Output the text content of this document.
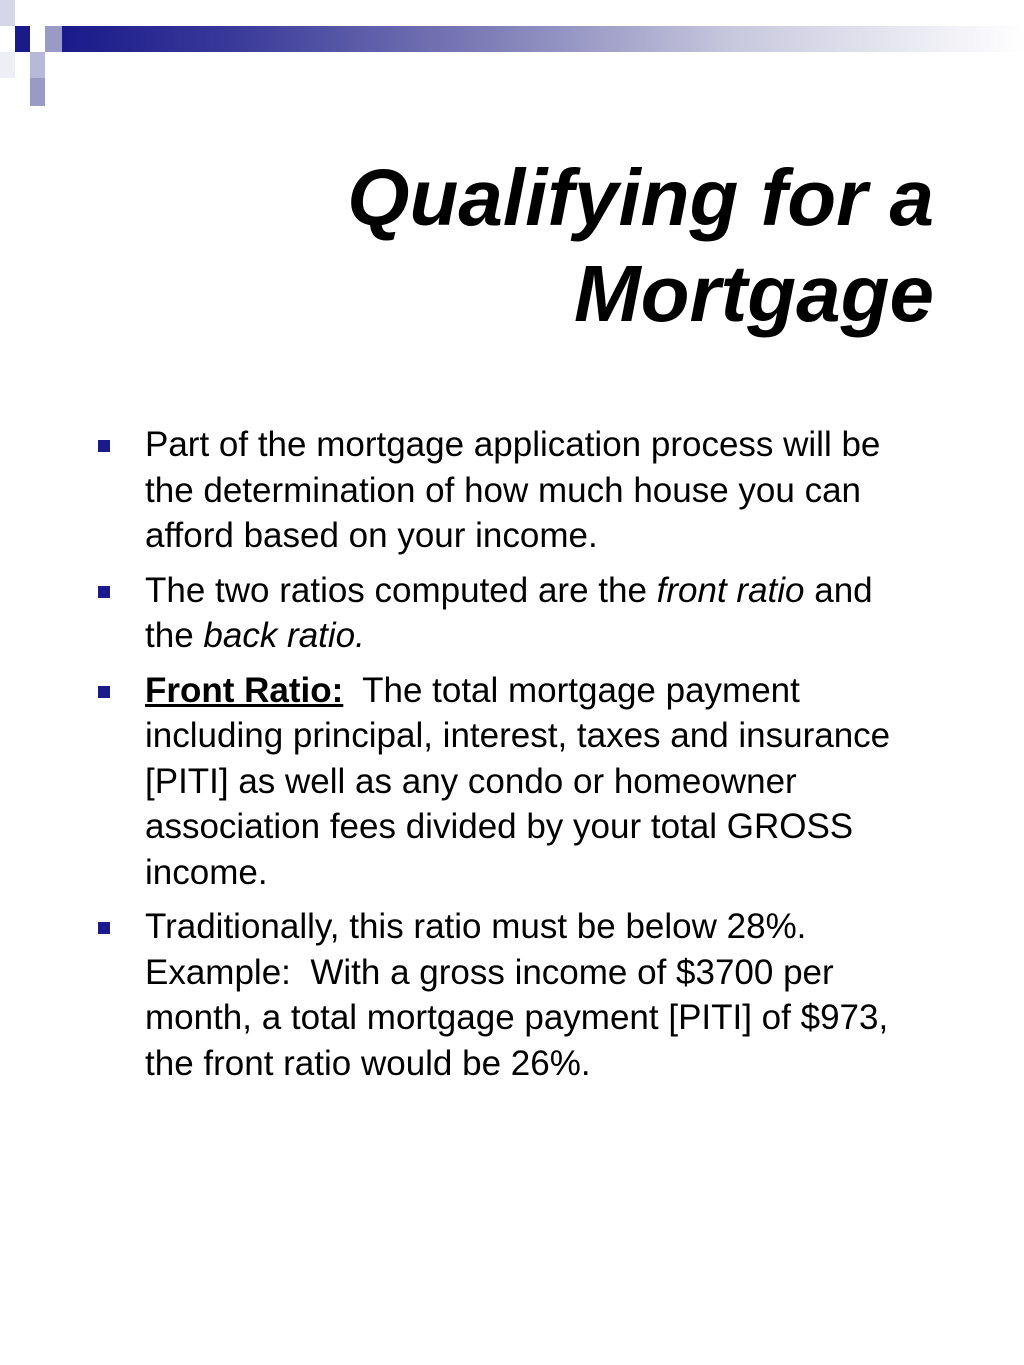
Qualifying for a Mortgage
Part of the mortgage application process will be the determination of how much house you can afford based on your income.
The two ratios computed are the front ratio and the back ratio.
Front Ratio:  The total mortgage payment including principal, interest, taxes and insurance [PITI] as well as any condo or homeowner association fees divided by your total GROSS income.
Traditionally, this ratio must be below 28%.  Example:  With a gross income of $3700 per month, a total mortgage payment [PITI] of $973, the front ratio would be 26%.
